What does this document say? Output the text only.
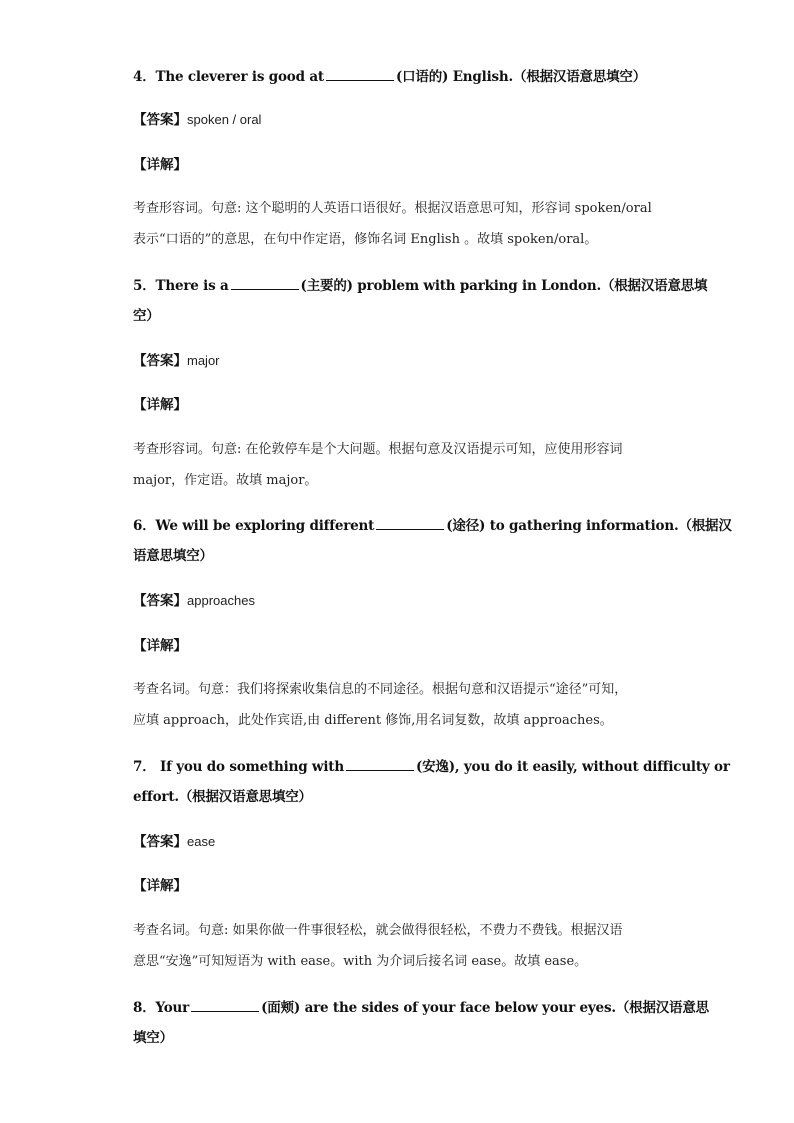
4．The cleverer is good at	(口语的) English.（根据汉语意思填空）
【答案】spoken / oral
【详解】
考查形容词。句意: 这个聪明的人英语口语很好。根据汉语意思可知，形容词 spoken/oral
表示“口语的”的意思，在句中作定语，修饰名词 English 。故填 spoken/oral。
5．There is a	(主要的) problem with parking in London.（根据汉语意思填
空）
【答案】major
【详解】
考查形容词。句意: 在伦敦停车是个大问题。根据句意及汉语提示可知，应使用形容词
major，作定语。故填 major。
6．We will be exploring different	(途径) to gathering information.（根据汉
语意思填空）
【答案】approaches
【详解】
考查名词。句意：我们将探索收集信息的不同途径。根据句意和汉语提示“途径”可知，
应填 approach，此处作宾语,由 different 修饰,用名词复数，故填 approaches。
7． If you do something with	(安逸), you do it easily, without difficulty or
effort.（根据汉语意思填空）
【答案】ease
【详解】
考查名词。句意: 如果你做一件事很轻松，就会做得很轻松，不费力不费钱。根据汉语
意思“安逸”可知短语为 with ease。with 为介词后接名词 ease。故填 ease。
8．Your	(面颊) are the sides of your face below your eyes.（根据汉语意思
填空）
